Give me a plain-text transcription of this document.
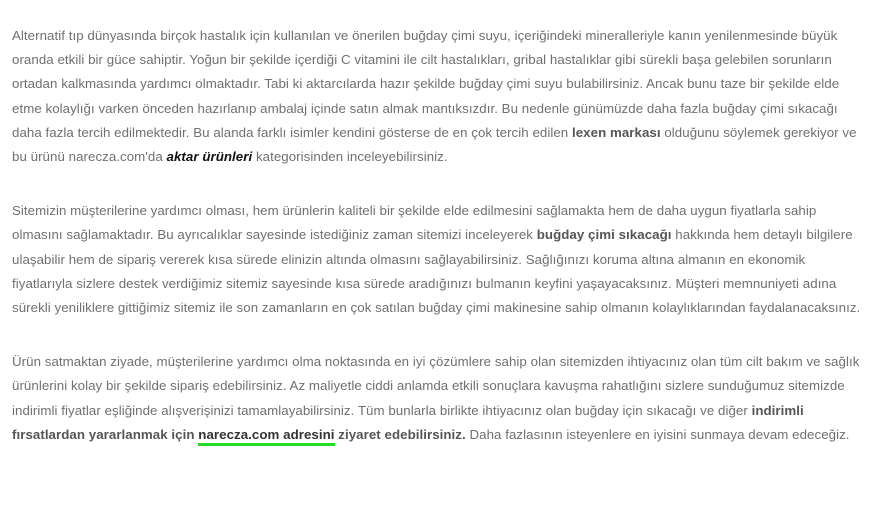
Alternatif tıp dünyasında birçok hastalık için kullanılan ve önerilen buğday çimi suyu, içeriğindeki mineralleriyle kanın yenilenmesinde büyük oranda etkili bir güce sahiptir. Yoğun bir şekilde içerdiği C vitamini ile cilt hastalıkları, gribal hastalıklar gibi sürekli başa gelebilen sorunların ortadan kalkmasında yardımcı olmaktadır. Tabi ki aktarcılarda hazır şekilde buğday çimi suyu bulabilirsiniz. Ancak bunu taze bir şekilde elde etme kolaylığı varken önceden hazırlanıp ambalaj içinde satın almak mantıksızdır. Bu nedenle günümüzde daha fazla buğday çimi sıkacağı daha fazla tercih edilmektedir. Bu alanda farklı isimler kendini gösterse de en çok tercih edilen lexen markası olduğunu söylemek gerekiyor ve bu ürünü narecza.com'da aktar ürünleri kategorisinden inceleyebilirsiniz.

Sitemizin müşterilerine yardımcı olması, hem ürünlerin kaliteli bir şekilde elde edilmesini sağlamakta hem de daha uygun fiyatlarla sahip olmasını sağlamaktadır. Bu ayrıcalıklar sayesinde istediğiniz zaman sitemizi inceleyerek buğday çimi sıkacağı hakkında hem detaylı bilgilere ulaşabilir hem de sipariş vererek kısa sürede elinizin altında olmasını sağlayabilirsiniz. Sağlığınızı koruma altına almanın en ekonomik fiyatlarıyla sizlere destek verdiğimiz sitemiz sayesinde kısa sürede aradığınızı bulmanın keyfini yaşayacaksınız. Müşteri memnuniyeti adına sürekli yeniliklere gittiğimiz sitemiz ile son zamanların en çok satılan buğday çimi makinesine sahip olmanın kolaylıklarından faydalanacaksınız.

Ürün satmaktan ziyade, müşterilerine yardımcı olma noktasında en iyi çözümlere sahip olan sitemizden ihtiyacınız olan tüm cilt bakım ve sağlık ürünlerini kolay bir şekilde sipariş edebilirsiniz. Az maliyetle ciddi anlamda etkili sonuçlara kavuşma rahatlığını sizlere sunduğumuz sitemizde indirimli fiyatlar eşliğinde alışverişinizi tamamlayabilirsiniz. Tüm bunlarla birlikte ihtiyacınız olan buğday için sıkacağı ve diğer indirimli fırsatlardan yararlanmak için narecza.com adresini ziyaret edebilirsiniz. Daha fazlasının isteyenlere en iyisini sunmaya devam edeceğiz.
